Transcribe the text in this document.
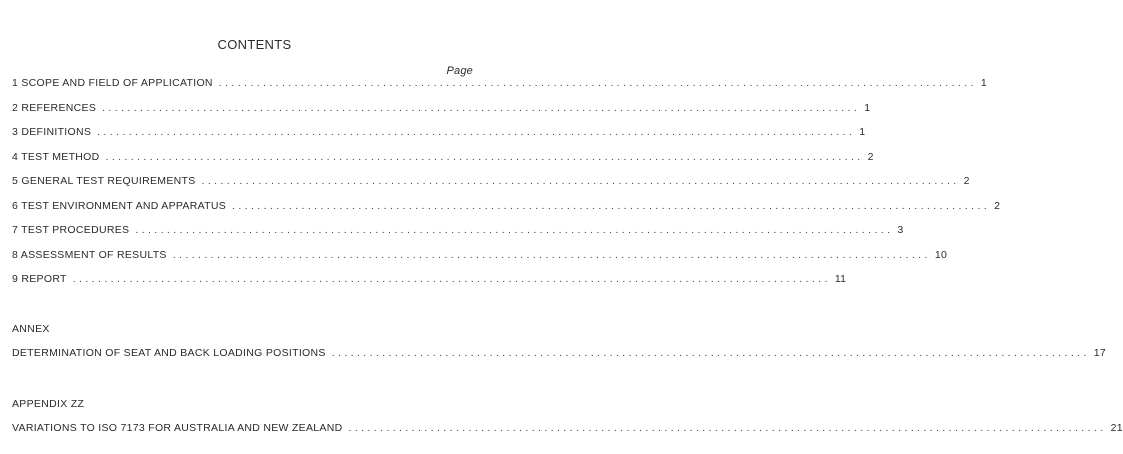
CONTENTS
Page
1 SCOPE AND FIELD OF APPLICATION ........................................................................................................................ 1
2 REFERENCES ........................................................................................................................ 1
3 DEFINITIONS ........................................................................................................................ 1
4 TEST METHOD ........................................................................................................................ 2
5 GENERAL TEST REQUIREMENTS ........................................................................................................................ 2
6 TEST ENVIRONMENT AND APPARATUS ........................................................................................................................ 2
7 TEST PROCEDURES ........................................................................................................................ 3
8 ASSESSMENT OF RESULTS ........................................................................................................................ 10
9 REPORT ........................................................................................................................ 11
ANNEX
DETERMINATION OF SEAT AND BACK LOADING POSITIONS ........................................................................................................................ 17
APPENDIX ZZ
VARIATIONS TO ISO 7173 FOR AUSTRALIA AND NEW ZEALAND ........................................................................................................................ 21
